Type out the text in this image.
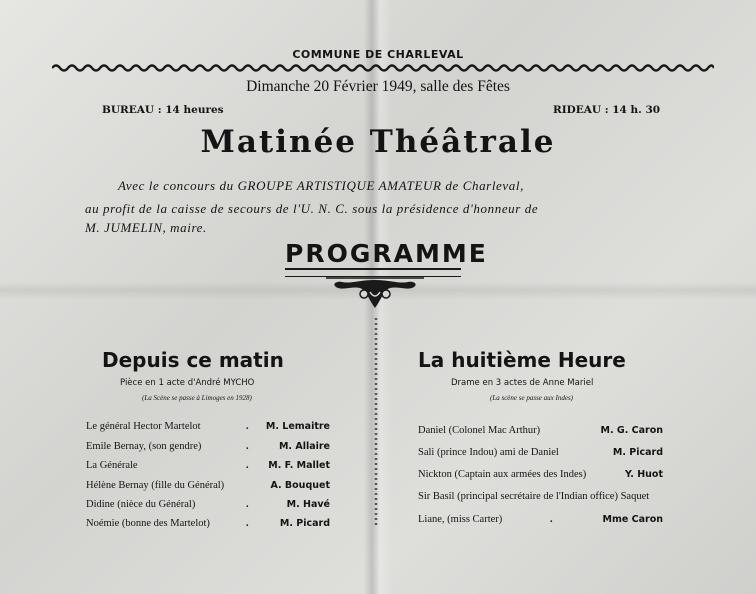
COMMUNE DE CHARLEVAL
Dimanche 20 Février 1949, salle des Fêtes
BUREAU : 14 heures	RIDEAU : 14 h. 30
Matinée Théâtrale
Avec le concours du GROUPE ARTISTIQUE AMATEUR de Charleval,
au profit de la caisse de secours de l'U. N. C. sous la présidence d'honneur de
M. JUMELIN, maire.
PROGRAMME
Depuis ce matin
Pièce en 1 acte d'André MYCHO
(La Scène se passe à Limoges en 1928)
Le général Hector Martelot	. M. Lemaitre
Emile Bernay, (son gendre)	.	M. Allaire
La Générale	. M. F. Mallet
Hélène Bernay (fille du Général)	A. Bouquet
Didine (nièce du Général)	.	M. Havé
Noémie (bonne des Martelot)	.	M. Picard
La huitième Heure
Drame en 3 actes de Anne Mariel
(La scène se passe aux Indes)
Daniel (Colonel Mac Arthur)	M. G. Caron
Sali (prince Indou) ami de Daniel	M. Picard
Nickton (Captain aux armées des Indes)	Y. Huot
Sir Basil (principal secrétaire de l'Indian office) Saquet
Liane, (miss Carter)	.	Mme Caron
